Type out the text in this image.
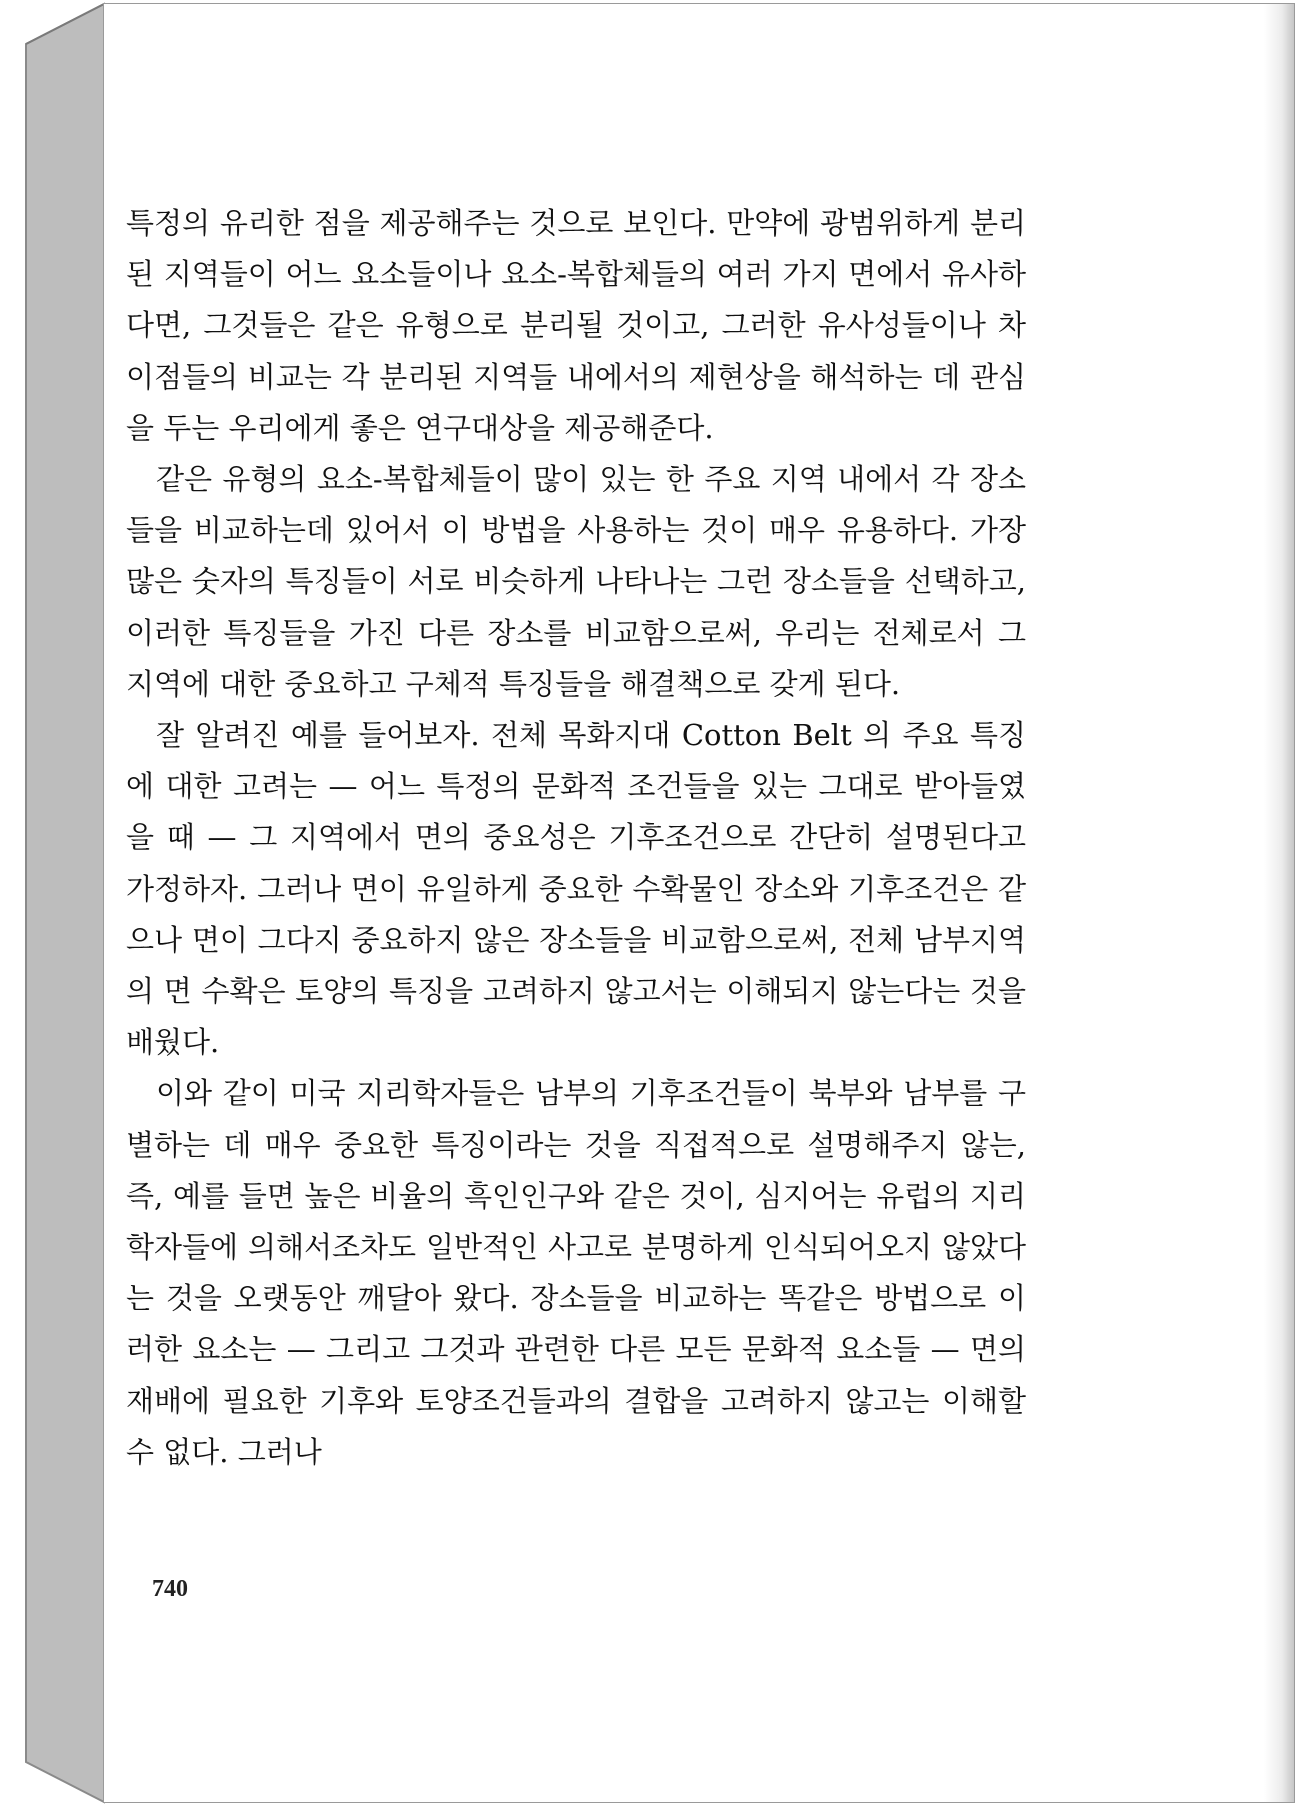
특정의 유리한 점을 제공해주는 것으로 보인다. 만약에 광범위하게 분리된 지역들이 어느 요소들이나 요소-복합체들의 여러 가지 면에서 유사하다면, 그것들은 같은 유형으로 분리될 것이고, 그러한 유사성들이나 차이점들의 비교는 각 분리된 지역들 내에서의 제현상을 해석하는 데 관심을 두는 우리에게 좋은 연구대상을 제공해준다.

같은 유형의 요소-복합체들이 많이 있는 한 주요 지역 내에서 각 장소들을 비교하는데 있어서 이 방법을 사용하는 것이 매우 유용하다. 가장 많은 숫자의 특징들이 서로 비슷하게 나타나는 그런 장소들을 선택하고, 이러한 특징들을 가진 다른 장소를 비교함으로써, 우리는 전체로서 그 지역에 대한 중요하고 구체적 특징들을 해결책으로 갖게 된다.

잘 알려진 예를 들어보자. 전체 목화지대 Cotton Belt 의 주요 특징에 대한 고려는 — 어느 특정의 문화적 조건들을 있는 그대로 받아들였을 때 — 그 지역에서 면의 중요성은 기후조건으로 간단히 설명된다고 가정하자. 그러나 면이 유일하게 중요한 수확물인 장소와 기후조건은 같으나 면이 그다지 중요하지 않은 장소들을 비교함으로써, 전체 남부지역의 면 수확은 토양의 특징을 고려하지 않고서는 이해되지 않는다는 것을 배웠다.

이와 같이 미국 지리학자들은 남부의 기후조건들이 북부와 남부를 구별하는 데 매우 중요한 특징이라는 것을 직접적으로 설명해주지 않는, 즉, 예를 들면 높은 비율의 흑인인구와 같은 것이, 심지어는 유럽의 지리학자들에 의해서조차도 일반적인 사고로 분명하게 인식되어오지 않았다는 것을 오랫동안 깨달아 왔다. 장소들을 비교하는 똑같은 방법으로 이러한 요소는 — 그리고 그것과 관련한 다른 모든 문화적 요소들 — 면의 재배에 필요한 기후와 토양조건들과의 결합을 고려하지 않고는 이해할 수 없다. 그러나

740
